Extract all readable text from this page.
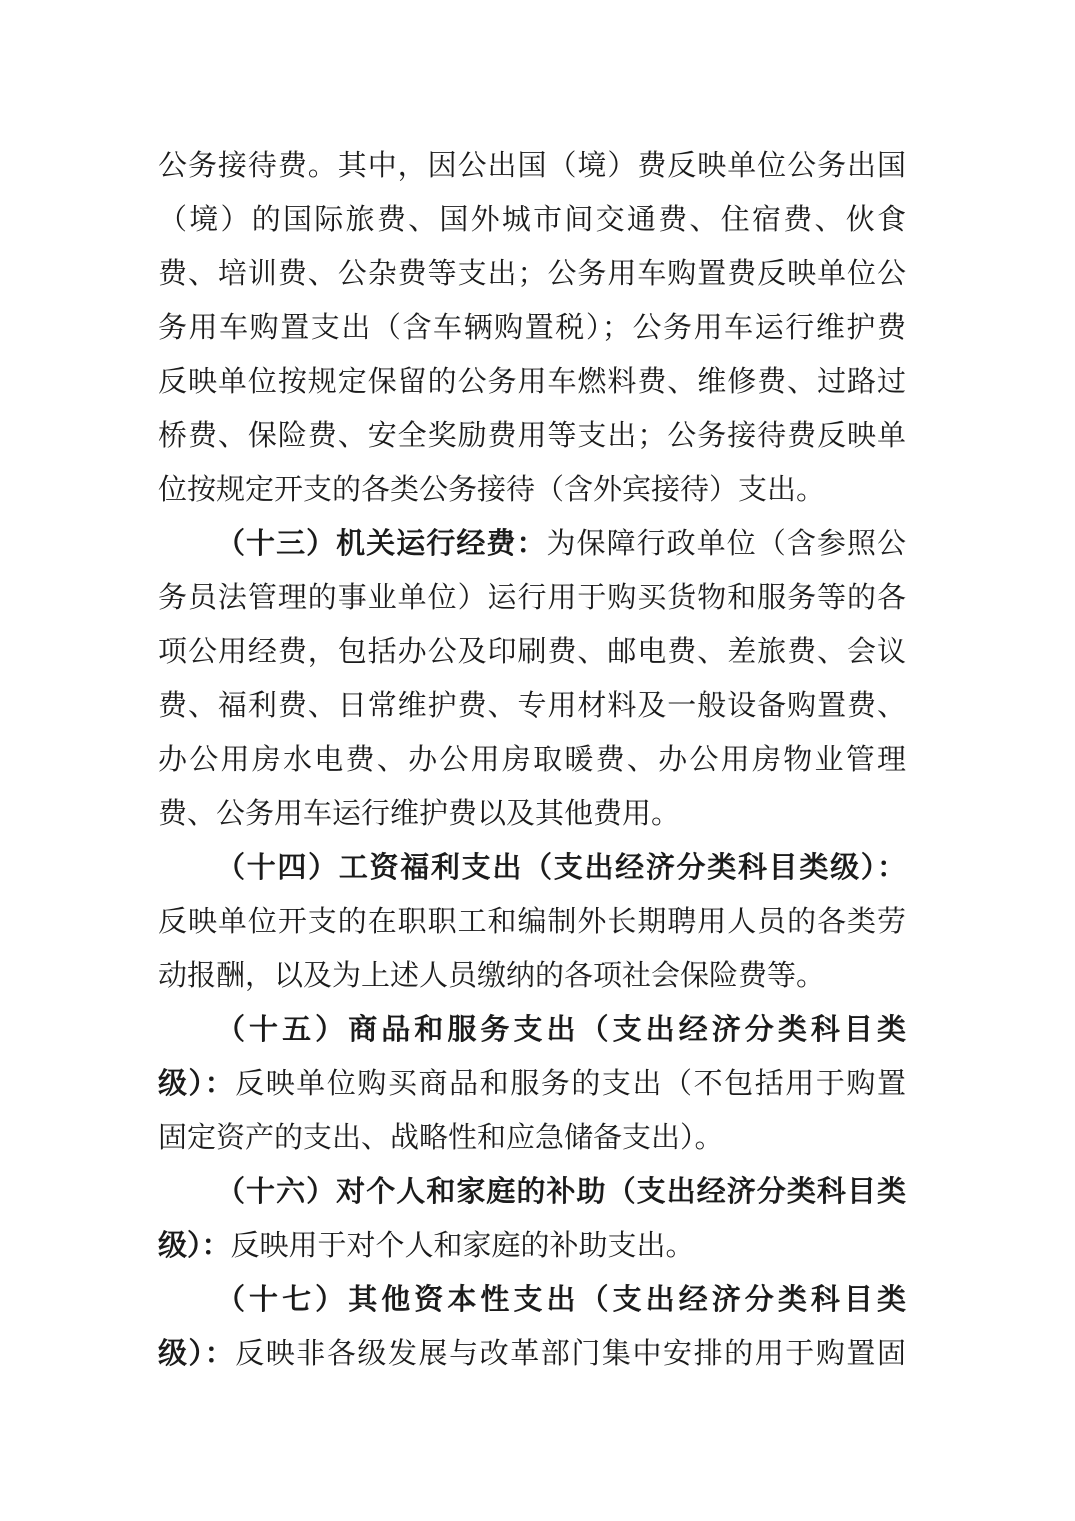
公务接待费。其中，因公出国（境）费反映单位公务出国
（境）的国际旅费、国外城市间交通费、住宿费、伙食
费、培训费、公杂费等支出；公务用车购置费反映单位公
务用车购置支出（含车辆购置税）；公务用车运行维护费
反映单位按规定保留的公务用车燃料费、维修费、过路过
桥费、保险费、安全奖励费用等支出；公务接待费反映单
位按规定开支的各类公务接待（含外宾接待）支出。
（十三）机关运行经费：为保障行政单位（含参照公
务员法管理的事业单位）运行用于购买货物和服务等的各
项公用经费，包括办公及印刷费、邮电费、差旅费、会议
费、福利费、日常维护费、专用材料及一般设备购置费、
办公用房水电费、办公用房取暖费、办公用房物业管理
费、公务用车运行维护费以及其他费用。
（十四）工资福利支出（支出经济分类科目类级）：
反映单位开支的在职职工和编制外长期聘用人员的各类劳
动报酬，以及为上述人员缴纳的各项社会保险费等。
（十五）商品和服务支出（支出经济分类科目类
级）：反映单位购买商品和服务的支出（不包括用于购置
固定资产的支出、战略性和应急储备支出）。
（十六）对个人和家庭的补助（支出经济分类科目类
级）：反映用于对个人和家庭的补助支出。
（十七）其他资本性支出（支出经济分类科目类
级）：反映非各级发展与改革部门集中安排的用于购置固
